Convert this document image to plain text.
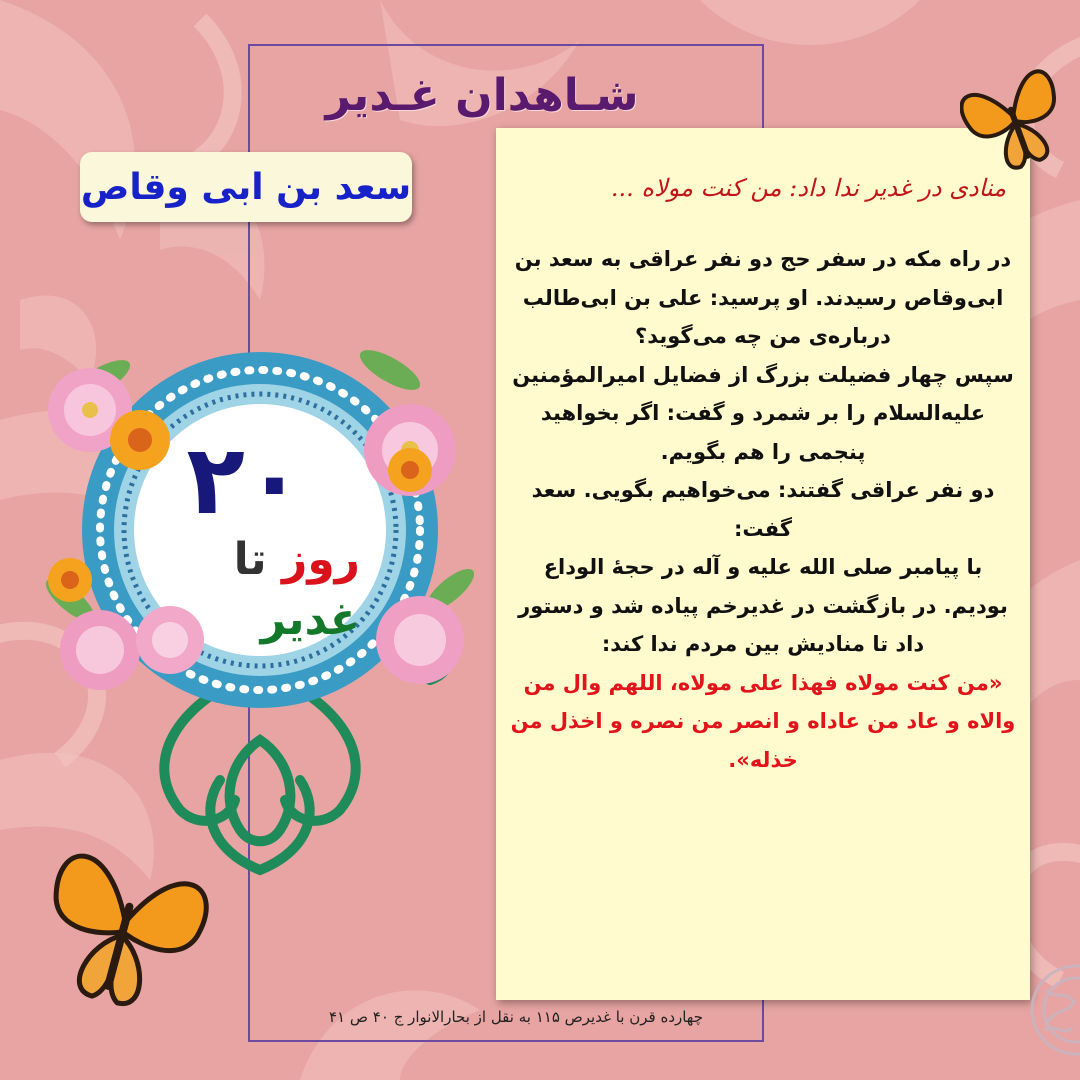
شـاهدان غـدیر
سعد بن ابی وقاص
۲۰
روز تا غدیر
منادی در غدیر ندا داد: من کنت مولاه ...

در راه مکه در سفر حج دو نفر عراقی به سعد بن ابی‌وقاص رسیدند. او پرسید: علی بن ابی‌طالب درباره‌ی من چه می‌گوید؟

سپس چهار فضیلت بزرگ از فضایل امیرالمؤمنین علیه‌السلام را بر شمرد و گفت: اگر بخواهید پنجمی را هم بگویم.

دو نفر عراقی گفتند: می‌خواهیم بگویی. سعد گفت:

با پیامبر صلی الله علیه و آله در حجهٔ الوداع بودیم. در بازگشت در غدیرخم پیاده شد و دستور داد تا منادیش بین مردم ندا کند:

«من کنت مولاه فهذا علی مولاه، اللهم وال من والاه و عاد من عاداه و انصر من نصره و اخذل من خذله».

چهارده قرن با غدیرص ۱۱۵ به نقل از بحارالانوار ج ۴۰ ص ۴۱
